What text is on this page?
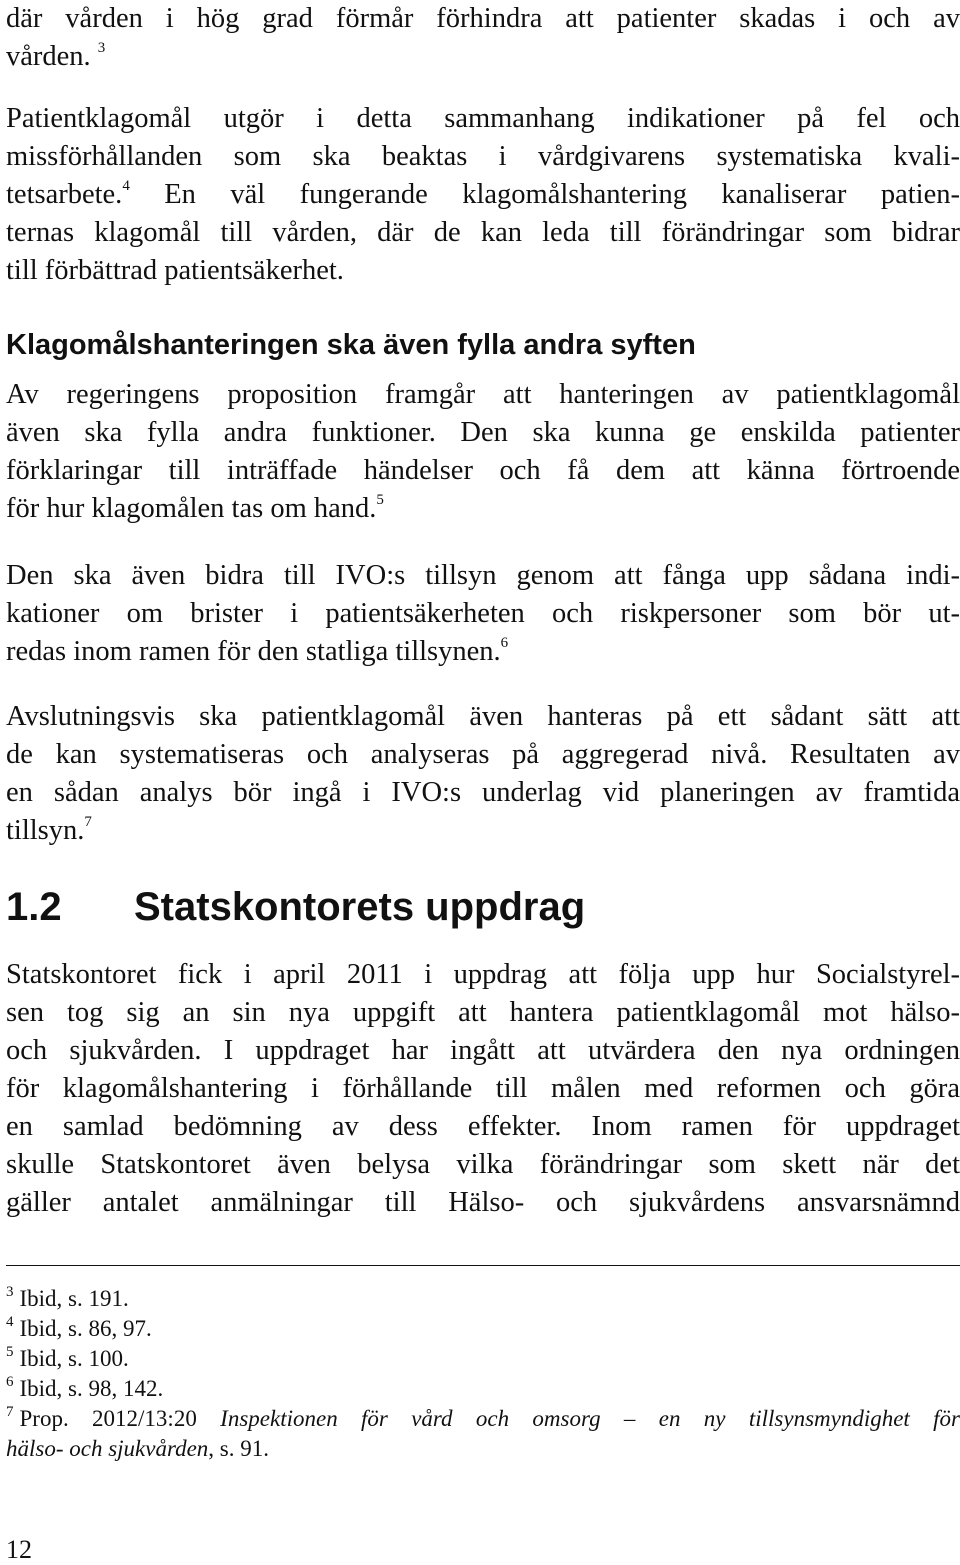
där vården i hög grad förmår förhindra att patienter skadas i och av
vården. $^3$

Patientklagomål utgör i detta sammanhang indikationer på fel och
missförhållanden som ska beaktas i vårdgivarens systematiska kvali-
tetsarbete.$^4$ En väl fungerande klagomålshantering kanaliserar patien-
ternas klagomål till vården, där de kan leda till förändringar som bidrar
till förbättrad patientsäkerhet.

Klagomålshanteringen ska även fylla andra syften

Av regeringens proposition framgår att hanteringen av patientklagomål
även ska fylla andra funktioner. Den ska kunna ge enskilda patienter
förklaringar till inträffade händelser och få dem att känna förtroende
för hur klagomålen tas om hand.$^5$

Den ska även bidra till IVO:s tillsyn genom att fånga upp sådana indi-
kationer om brister i patientsäkerheten och riskpersoner som bör ut-
redas inom ramen för den statliga tillsynen.$^6$

Avslutningsvis ska patientklagomål även hanteras på ett sådant sätt att
de kan systematiseras och analyseras på aggregerad nivå. Resultaten av
en sådan analys bör ingå i IVO:s underlag vid planeringen av framtida
tillsyn.$^7$

1.2 Statskontorets uppdrag

Statskontoret fick i april 2011 i uppdrag att följa upp hur Socialstyrel-
sen tog sig an sin nya uppgift att hantera patientklagomål mot hälso-
och sjukvården. I uppdraget har ingått att utvärdera den nya ordningen
för klagomålshantering i förhållande till målen med reformen och göra
en samlad bedömning av dess effekter. Inom ramen för uppdraget
skulle Statskontoret även belysa vilka förändringar som skett när det
gäller antalet anmälningar till Hälso- och sjukvårdens ansvarsnämnd

$^3$ Ibid, s. 191.
$^4$ Ibid, s. 86, 97.
$^5$ Ibid, s. 100.
$^6$ Ibid, s. 98, 142.
$^7$ Prop. 2012/13:20 Inspektionen för vård och omsorg – en ny tillsynsmyndighet för
hälso- och sjukvården, s. 91.
12
